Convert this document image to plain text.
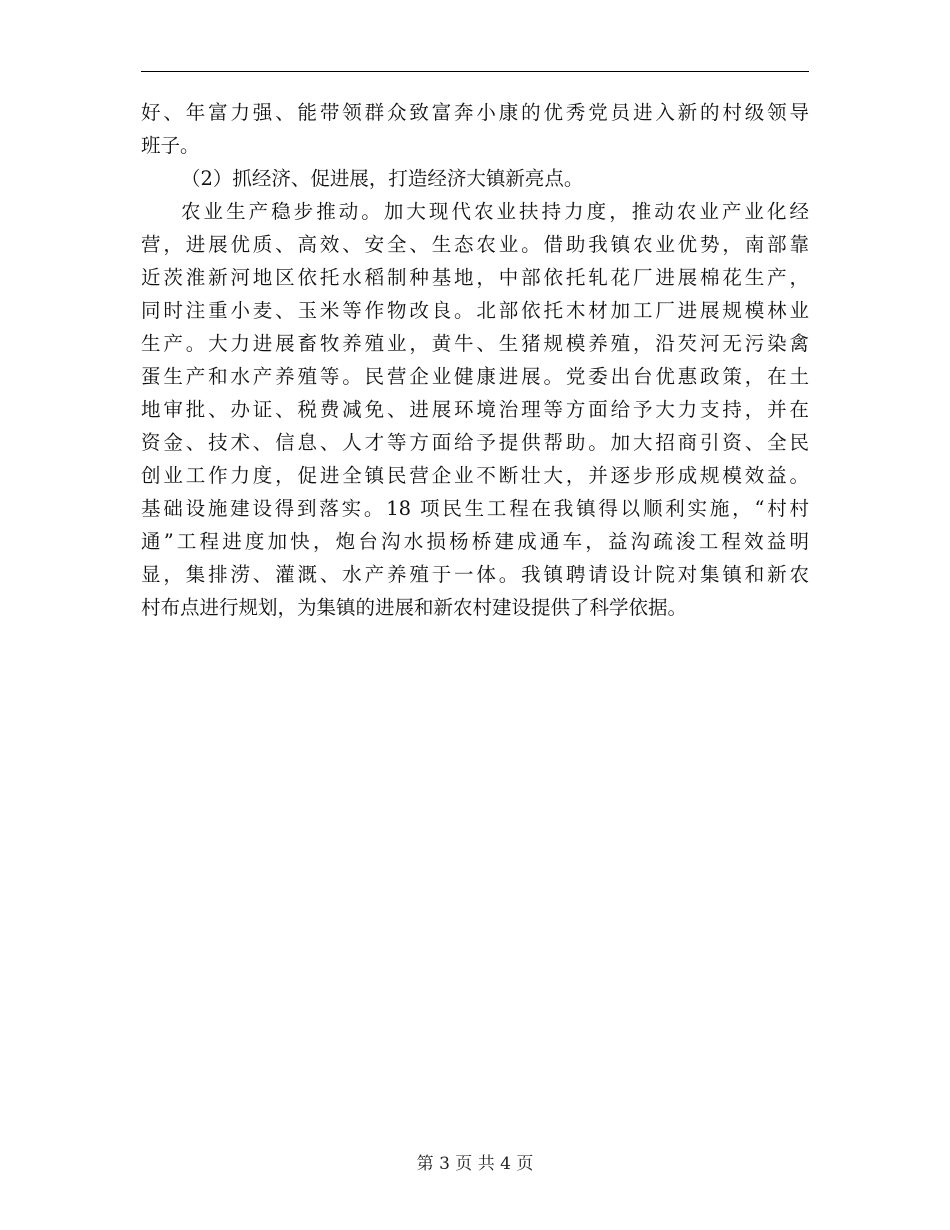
好、年富力强、能带领群众致富奔小康的优秀党员进入新的村级领导
班子。
（2）抓经济、促进展，打造经济大镇新亮点。
农业生产稳步推动。加大现代农业扶持力度，推动农业产业化经
营，进展优质、高效、安全、生态农业。借助我镇农业优势，南部靠
近茨淮新河地区依托水稻制种基地，中部依托轧花厂进展棉花生产，
同时注重小麦、玉米等作物改良。北部依托木材加工厂进展规模林业
生产。大力进展畜牧养殖业，黄牛、生猪规模养殖，沿芡河无污染禽
蛋生产和水产养殖等。民营企业健康进展。党委出台优惠政策，在土
地审批、办证、税费减免、进展环境治理等方面给予大力支持，并在
资金、技术、信息、人才等方面给予提供帮助。加大招商引资、全民
创业工作力度，促进全镇民营企业不断壮大，并逐步形成规模效益。
基础设施建设得到落实。18 项民生工程在我镇得以顺利实施，“村村
通”工程进度加快，炮台沟水损杨桥建成通车，益沟疏浚工程效益明
显，集排涝、灌溉、水产养殖于一体。我镇聘请设计院对集镇和新农
村布点进行规划，为集镇的进展和新农村建设提供了科学依据。
第 3 页 共 4 页
